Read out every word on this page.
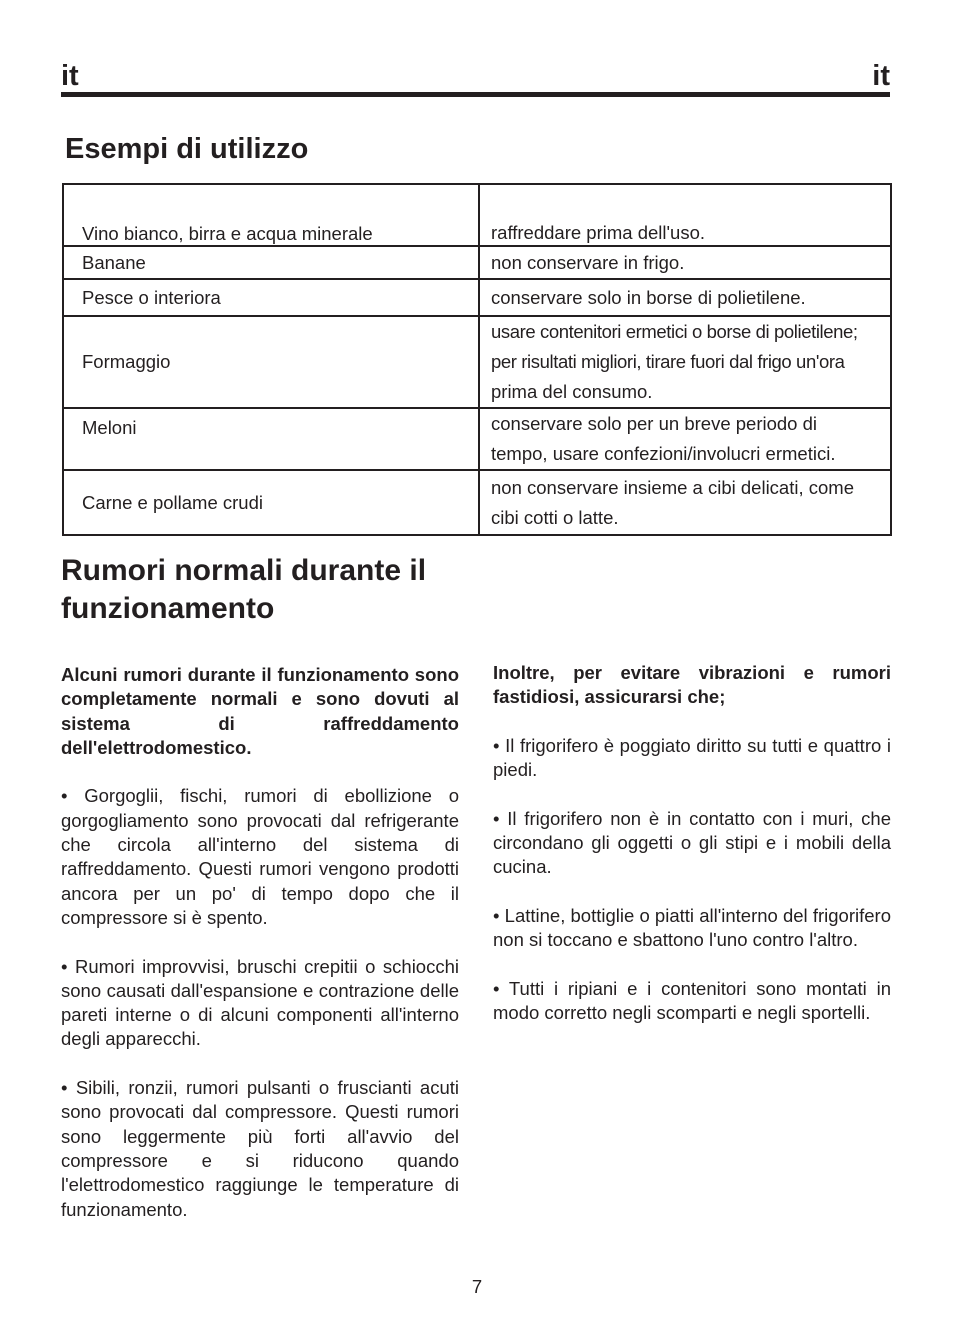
it	it
Esempi di utilizzo
Vino bianco, birra e acqua minerale	raffreddare prima dell'uso.
Banane	non conservare in frigo.
Pesce o interiora	conservare solo in borse di polietilene.
Formaggio	usare contenitori ermetici o borse di polietilene;
per risultati migliori, tirare fuori dal frigo un'ora
prima del consumo.

Meloni	conservare solo per un breve periodo di
tempo, usare confezioni/involucri ermetici.

Carne e pollame crudi	non conservare insieme a cibi delicati, come
cibi cotti o latte.
Rumori normali durante il funzionamento

Alcuni rumori durante il funzionamento sono completamente normali e sono dovuti al sistema di raffreddamento dell'elettrodomestico.

• Gorgoglii, fischi, rumori di ebollizione o gorgogliamento sono provocati dal refrigerante che circola all'interno del sistema di raffreddamento. Questi rumori vengono prodotti ancora per un po' di tempo dopo che il compressore si è spento.

• Rumori improvvisi, bruschi crepitii o schiocchi sono causati dall'espansione e contrazione delle pareti interne o di alcuni componenti all'interno degli apparecchi.

• Sibili, ronzii, rumori pulsanti o fruscianti acuti sono provocati dal compressore. Questi rumori sono leggermente più forti all'avvio del compressore e si riducono quando l'elettrodomestico raggiunge le temperature di funzionamento.

Inoltre, per evitare vibrazioni e rumori fastidiosi, assicurarsi che;

• Il frigorifero è poggiato diritto su tutti e quattro i piedi.

• Il frigorifero non è in contatto con i muri, che circondano gli oggetti o gli stipi e i mobili della cucina.

• Lattine, bottiglie o piatti all'interno del frigorifero non si toccano e sbattono l'uno contro l'altro.

• Tutti i ripiani e i contenitori sono montati in modo corretto negli scomparti e negli sportelli.

7
